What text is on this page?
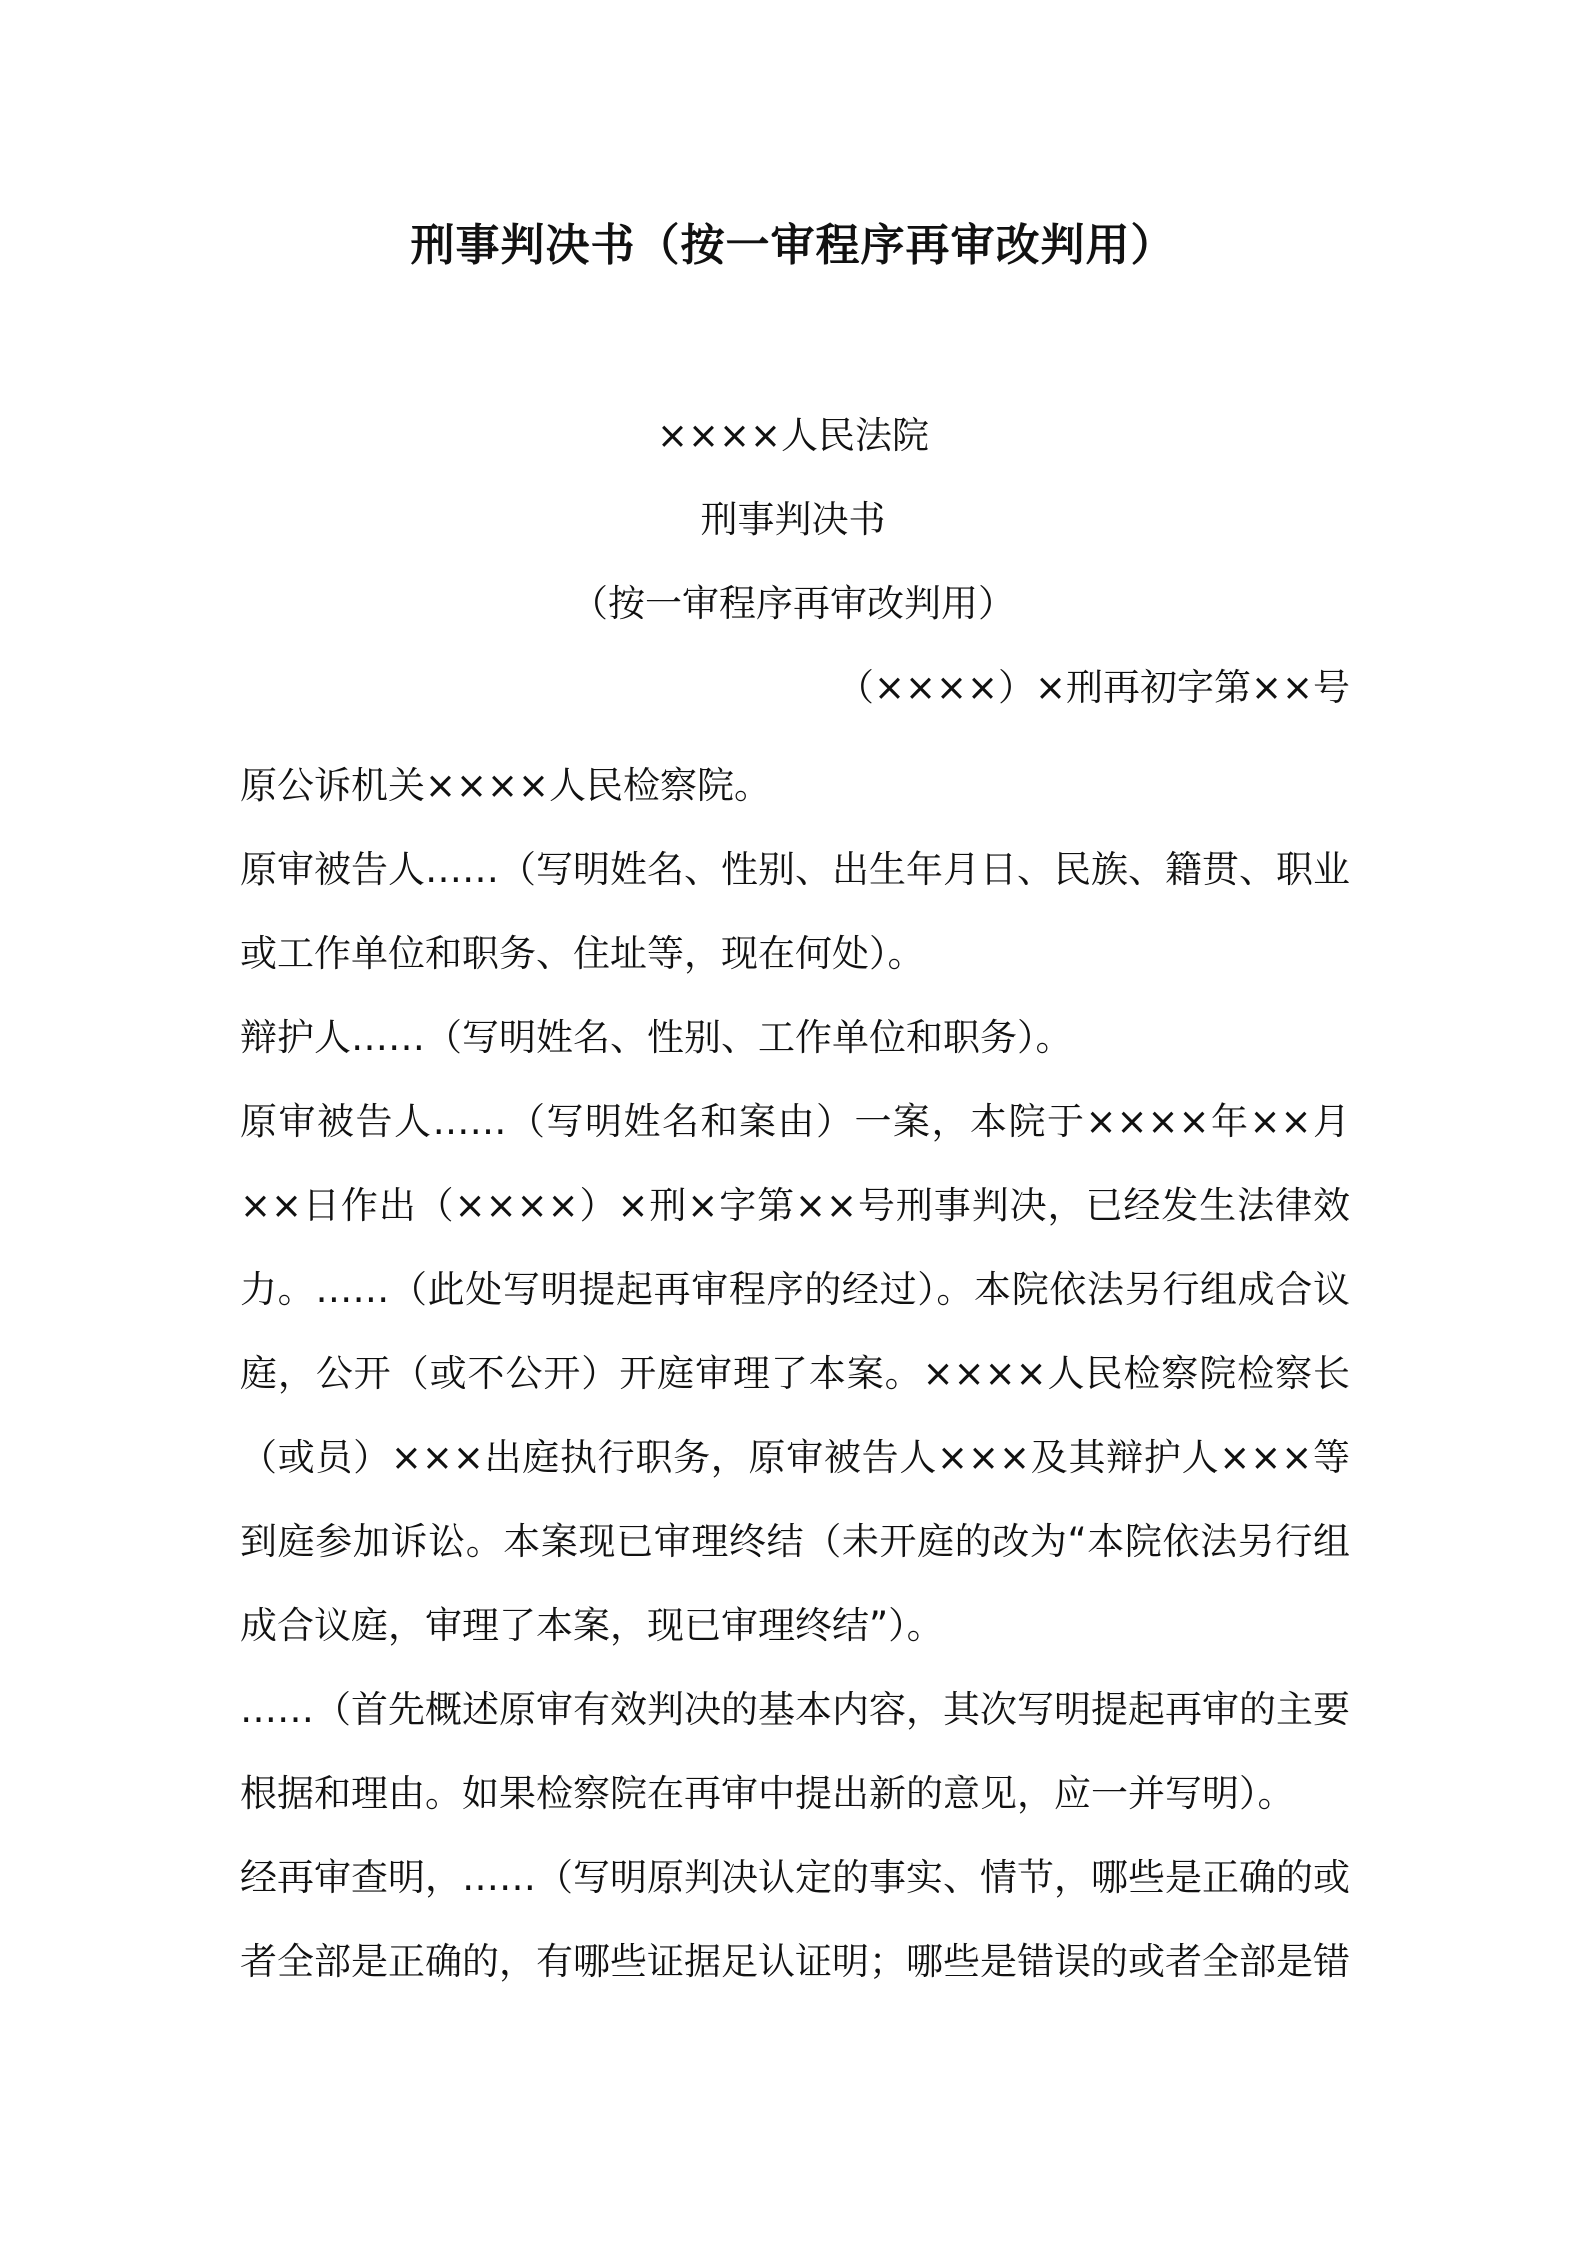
刑事判决书（按一审程序再审改判用）

××××人民法院

刑事判决书

（按一审程序再审改判用）

（××××）×刑再初字第××号

原公诉机关××××人民检察院。

原审被告人……（写明姓名、性别、出生年月日、民族、籍贯、职业或工作单位和职务、住址等，现在何处）。

辩护人……（写明姓名、性别、工作单位和职务）。

原审被告人……（写明姓名和案由）一案，本院于××××年××月××日作出（××××）×刑×字第××号刑事判决，已经发生法律效力。……（此处写明提起再审程序的经过）。本院依法另行组成合议庭，公开（或不公开）开庭审理了本案。××××人民检察院检察长（或员）×××出庭执行职务，原审被告人×××及其辩护人×××等到庭参加诉讼。本案现已审理终结（未开庭的改为“本院依法另行组成合议庭，审理了本案，现已审理终结”）。

……（首先概述原审有效判决的基本内容，其次写明提起再审的主要根据和理由。如果检察院在再审中提出新的意见，应一并写明）。

经再审查明，……（写明原判决认定的事实、情节，哪些是正确的或者全部是正确的，有哪些证据足认证明；哪些是错误的或者全部是错
